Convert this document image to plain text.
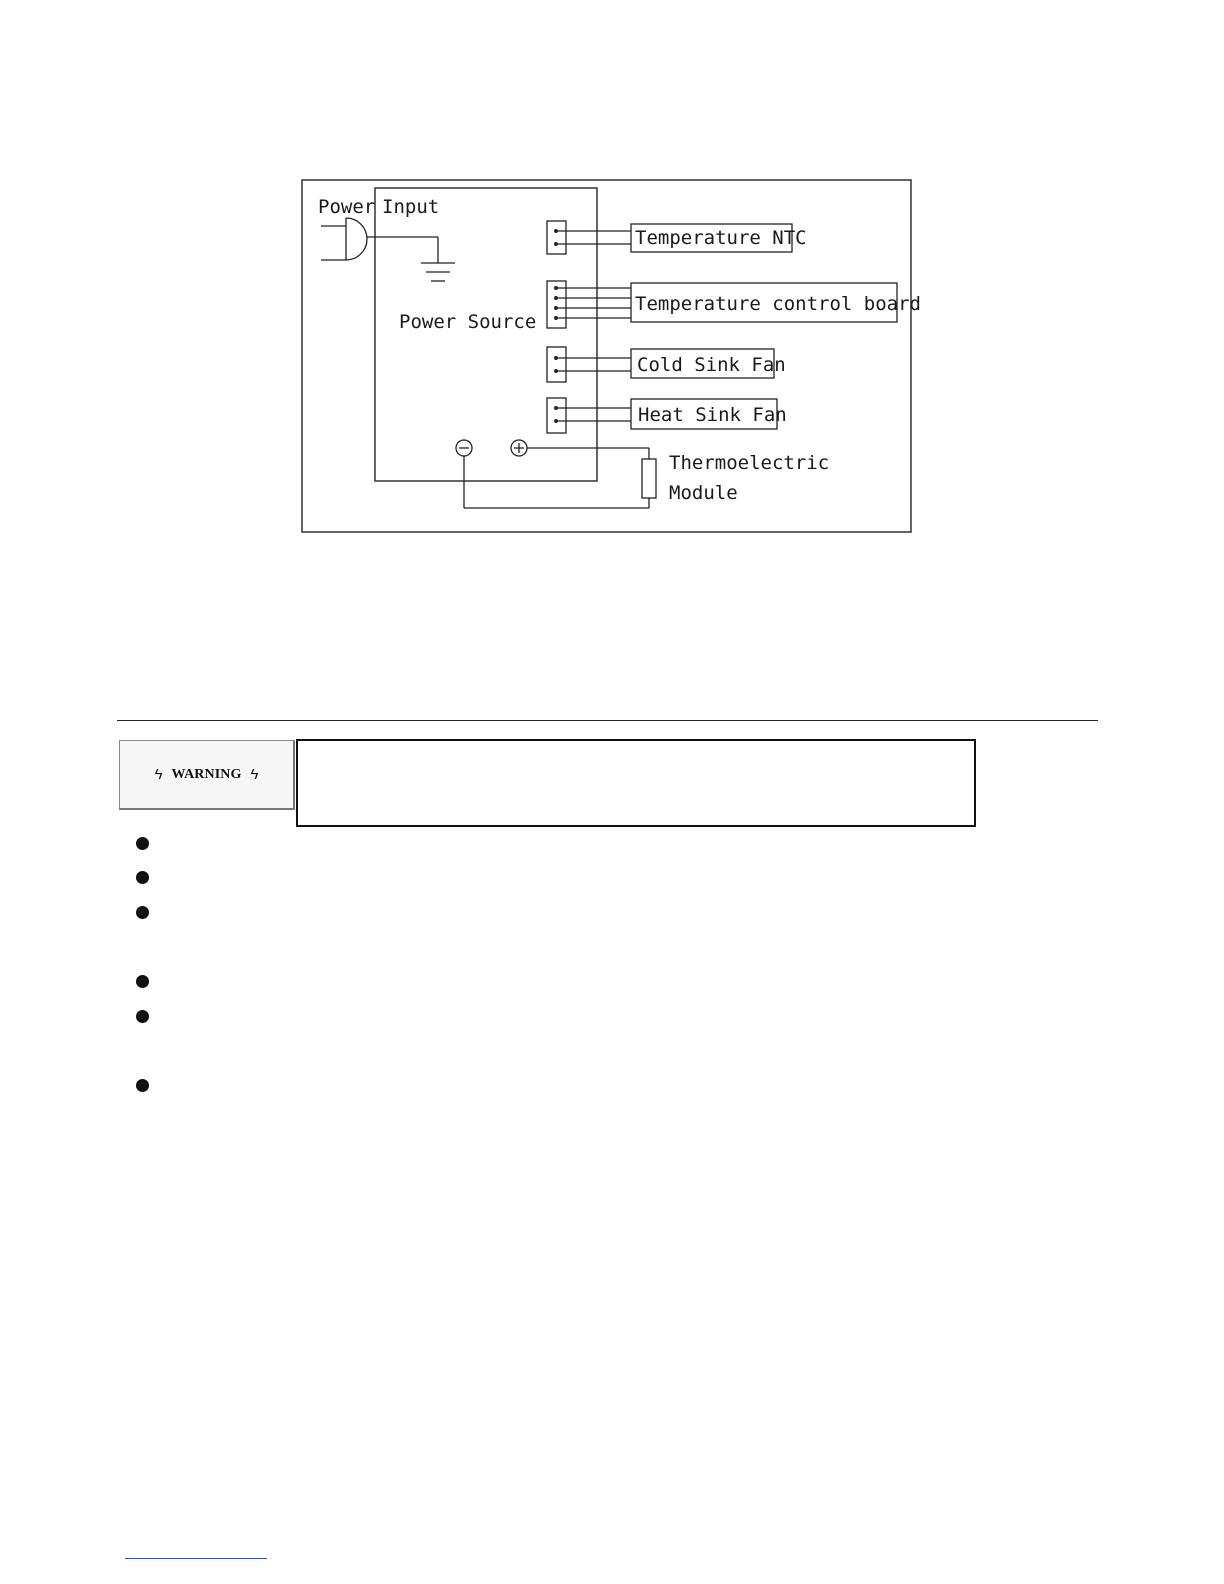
Power Input
Power Source
Temperature NTC
Temperature control board
Cold Sink Fan
Heat Sink Fan
Thermoelectric
Module
ϟ WARNING ϟ
